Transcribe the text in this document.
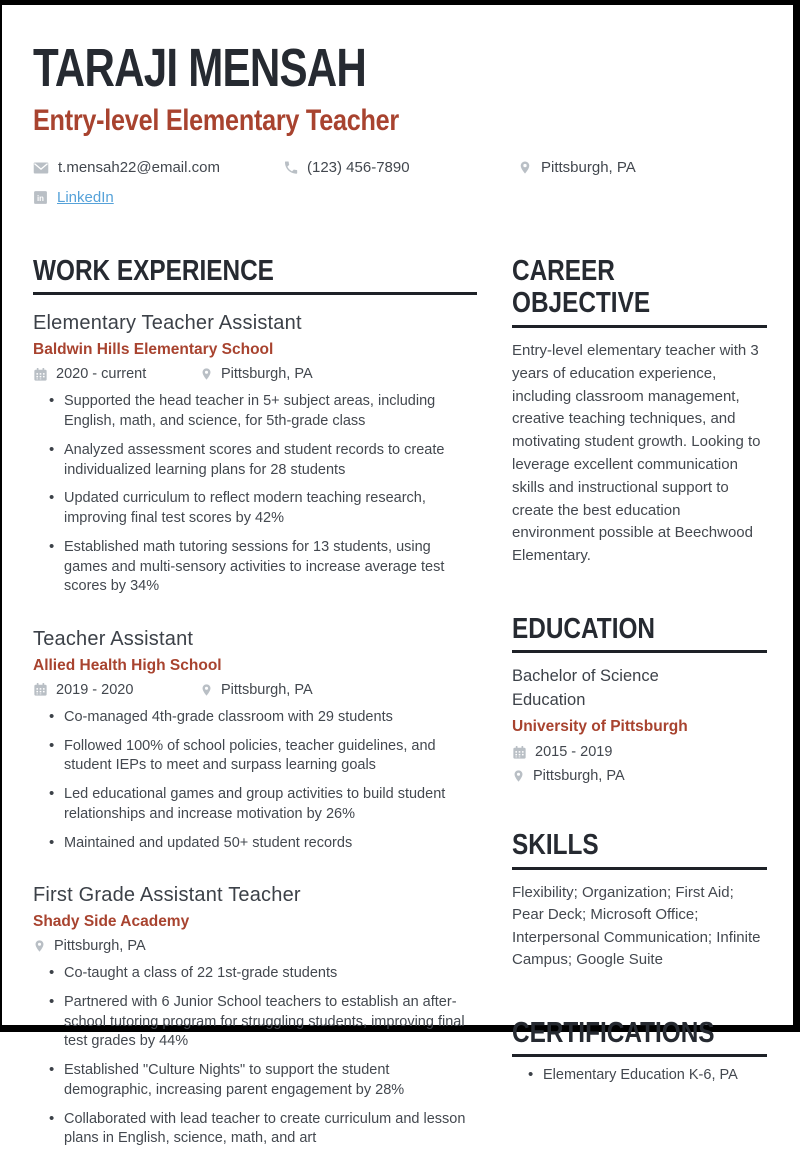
TARAJI MENSAH
Entry-level Elementary Teacher
t.mensah22@email.com	(123) 456-7890	Pittsburgh, PA
LinkedIn
WORK EXPERIENCE
Elementary Teacher Assistant
Baldwin Hills Elementary School
2020 - current	Pittsburgh, PA
• Supported the head teacher in 5+ subject areas, including English, math, and science, for 5th-grade class
• Analyzed assessment scores and student records to create individualized learning plans for 28 students
• Updated curriculum to reflect modern teaching research, improving final test scores by 42%
• Established math tutoring sessions for 13 students, using games and multi-sensory activities to increase average test scores by 34%
Teacher Assistant
Allied Health High School
2019 - 2020	Pittsburgh, PA
• Co-managed 4th-grade classroom with 29 students
• Followed 100% of school policies, teacher guidelines, and student IEPs to meet and surpass learning goals
• Led educational games and group activities to build student relationships and increase motivation by 26%
• Maintained and updated 50+ student records
First Grade Assistant Teacher
Shady Side Academy
Pittsburgh, PA
• Co-taught a class of 22 1st-grade students
• Partnered with 6 Junior School teachers to establish an after-school tutoring program for struggling students, improving final test grades by 44%
• Established "Culture Nights" to support the student demographic, increasing parent engagement by 28%
• Collaborated with lead teacher to create curriculum and lesson plans in English, science, math, and art
CAREER OBJECTIVE

Entry-level elementary teacher with 3 years of education experience, including classroom management, creative teaching techniques, and motivating student growth. Looking to leverage excellent communication skills and instructional support to create the best education environment possible at Beechwood Elementary.

EDUCATION
Bachelor of Science Education
University of Pittsburgh
2015 - 2019
Pittsburgh, PA
SKILLS

Flexibility; Organization; First Aid; Pear Deck; Microsoft Office; Interpersonal Communication; Infinite Campus; Google Suite

CERTIFICATIONS
• Elementary Education K-6, PA
